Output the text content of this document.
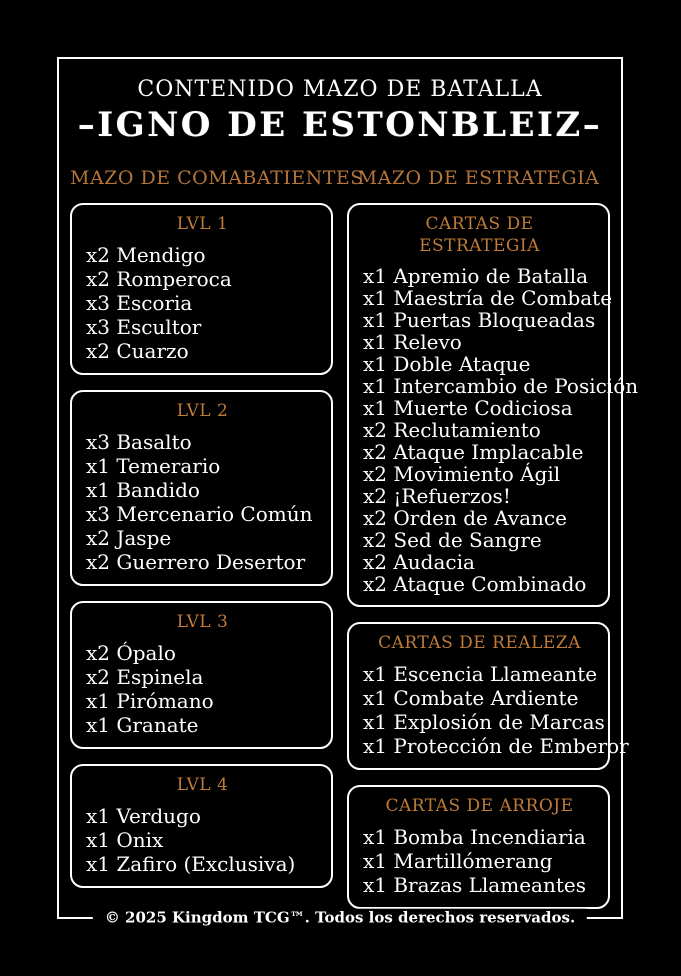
CONTENIDO MAZO DE BATALLA
–IGNO DE ESTONBLEIZ–
MAZO DE COMABATIENTES
LVL 1
x2 Mendigo
x2 Romperoca
x3 Escoria
x3 Escultor
x2 Cuarzo
LVL 2
x3 Basalto
x1 Temerario
x1 Bandido
x3 Mercenario Común
x2 Jaspe
x2 Guerrero Desertor
LVL 3
x2 Ópalo
x2 Espinela
x1 Pirómano
x1 Granate
LVL 4
x1 Verdugo
x1 Onix
x1 Zafiro (Exclusiva)
MAZO DE ESTRATEGIA
CARTAS DE ESTRATEGIA
x1 Apremio de Batalla
x1 Maestría de Combate
x1 Puertas Bloqueadas
x1 Relevo
x1 Doble Ataque
x1 Intercambio de Posición
x1 Muerte Codiciosa
x2 Reclutamiento
x2 Ataque Implacable
x2 Movimiento Ágil
x2 ¡Refuerzos!
x2 Orden de Avance
x2 Sed de Sangre
x2 Audacia
x2 Ataque Combinado
CARTAS DE REALEZA
x1 Escencia Llameante
x1 Combate Ardiente
x1 Explosión de Marcas
x1 Protección de Emberor
CARTAS DE ARROJE
x1 Bomba Incendiaria
x1 Martillómerang
x1 Brazas Llameantes
© 2025 Kingdom TCG™. Todos los derechos reservados.
